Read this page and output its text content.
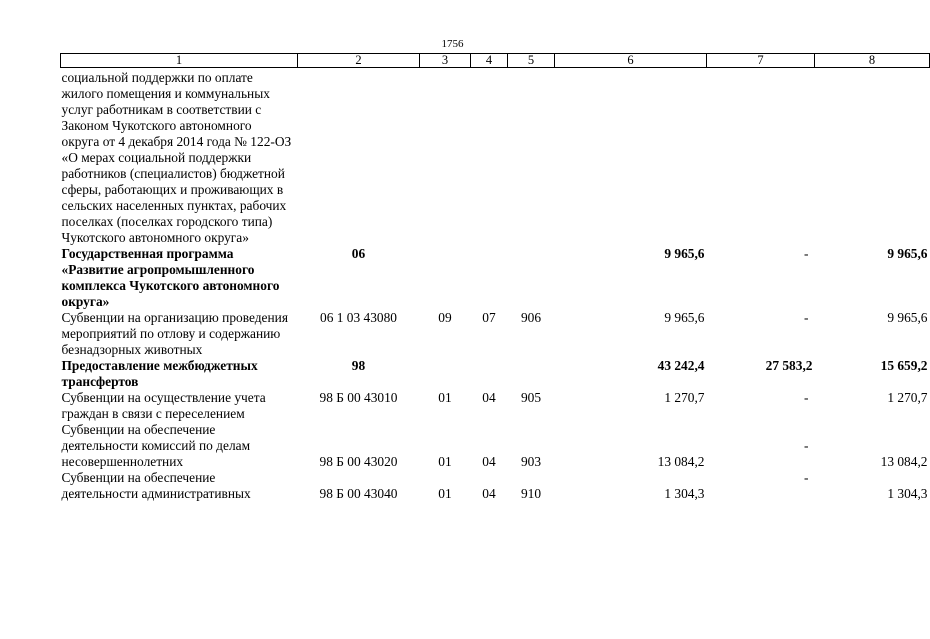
1756
1	2	3	4	5	6	7	8
социальной поддержки по оплате жилого помещения и коммунальных услуг работникам в соответствии с Законом Чукотского автономного округа от 4 декабря 2014 года № 122-ОЗ «О мерах социальной поддержки работников (специалистов) бюджетной сферы, работающих и проживающих в сельских населенных пунктах, рабочих поселках (поселках городского типа) Чукотского автономного округа»							
Государственная программа «Развитие агропромышленного комплекса Чукотского автономного округа»	06				9 965,6	-	9 965,6
Субвенции на организацию проведения мероприятий по отлову и содержанию безнадзорных животных	06 1 03 43080	09	07	906	9 965,6	-	9 965,6
Предоставление межбюджетных трансфертов	98				43 242,4	27 583,2	15 659,2
Субвенции на осуществление учета граждан в связи с переселением	98 Б 00 43010	01	04	905	1 270,7	-	1 270,7
Субвенции на обеспечение деятельности комиссий по делам несовершеннолетних	98 Б 00 43020	01	04	903	13 084,2	-	13 084,2
Субвенции на обеспечение деятельности административных	98 Б 00 43040	01	04	910	1 304,3	-	1 304,3
